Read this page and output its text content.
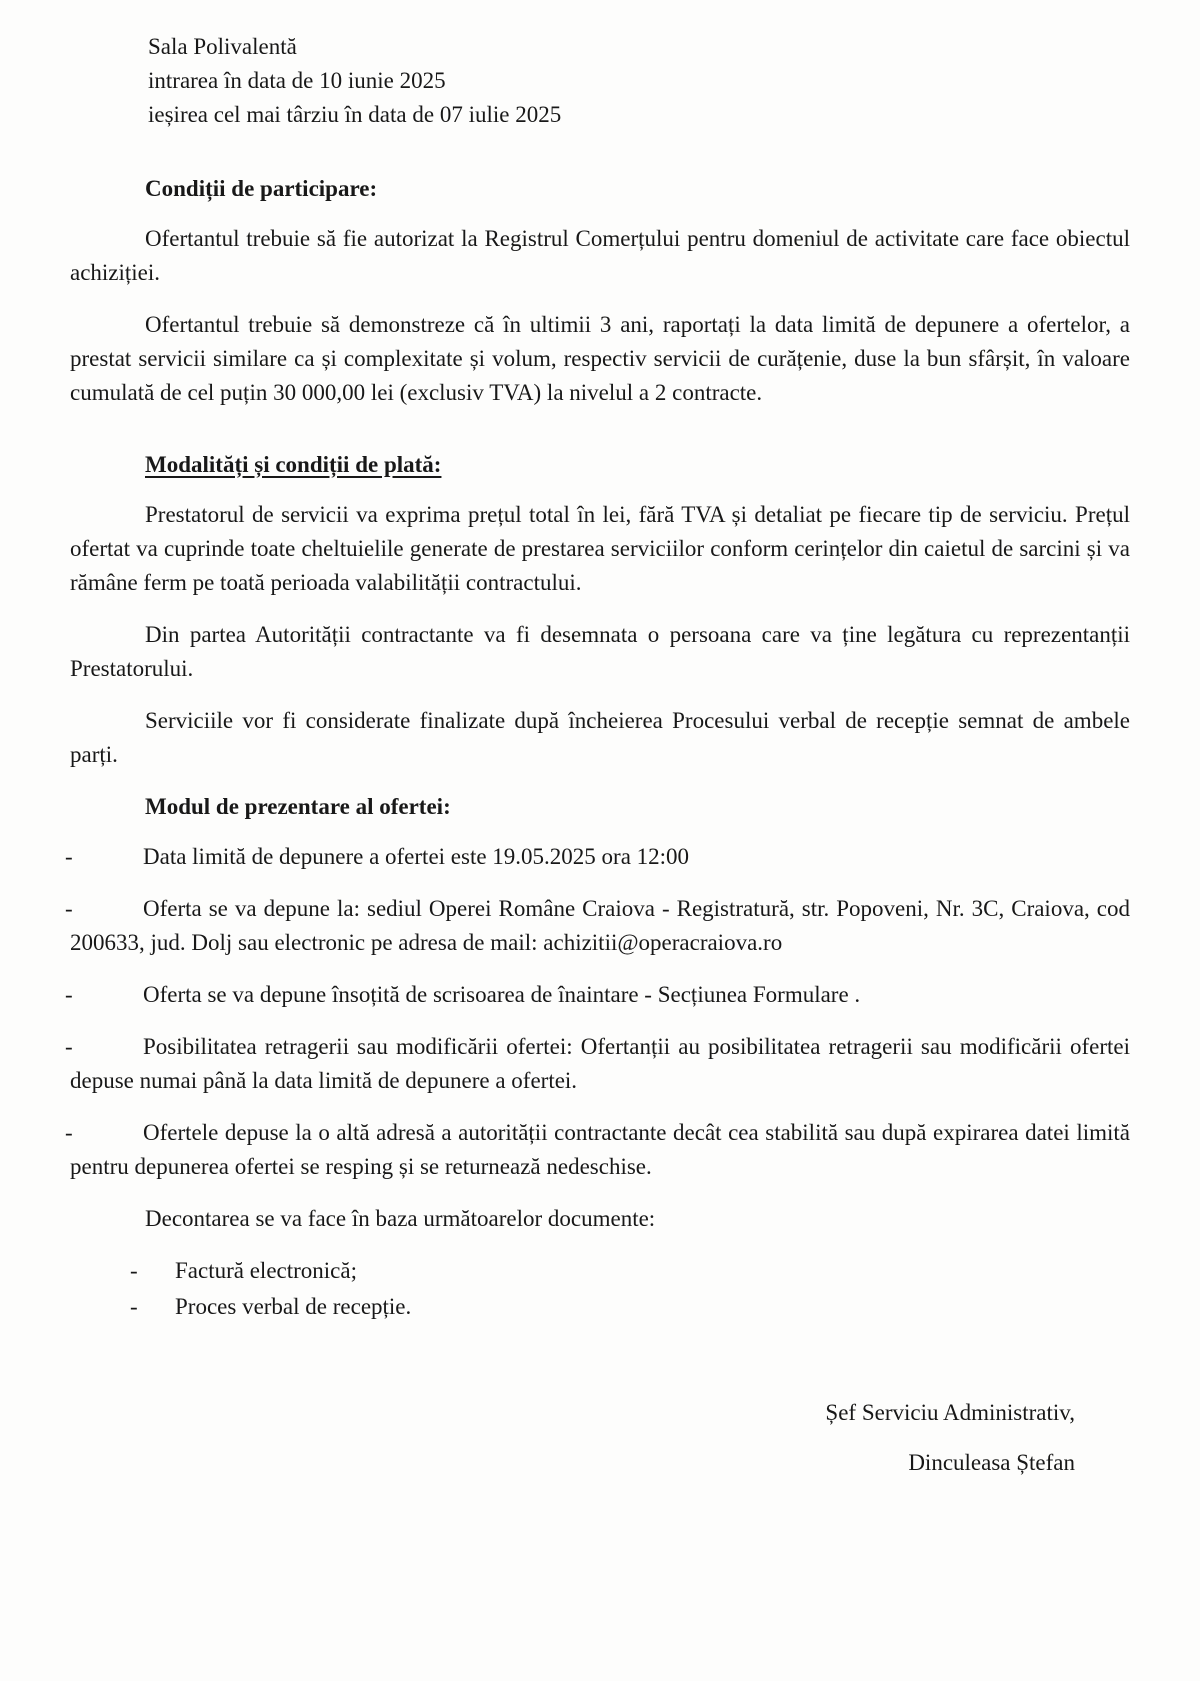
Sala Polivalentă
intrarea în data de 10 iunie 2025
ieșirea cel mai târziu în data de 07 iulie 2025
Condiții de participare:

Ofertantul trebuie să fie autorizat la Registrul Comerțului pentru domeniul de activitate care face obiectul achiziției.

Ofertantul trebuie să demonstreze că în ultimii 3 ani, raportați la data limită de depunere a ofertelor, a prestat servicii similare ca și complexitate și volum, respectiv servicii de curățenie, duse la bun sfârșit, în valoare cumulată de cel puțin 30 000,00 lei (exclusiv TVA) la nivelul a 2 contracte.

Modalități și condiții de plată:

Prestatorul de servicii va exprima prețul total în lei, fără TVA și detaliat pe fiecare tip de serviciu. Prețul ofertat va cuprinde toate cheltuielile generate de prestarea serviciilor conform cerințelor din caietul de sarcini și va rămâne ferm pe toată perioada valabilității contractului.

Din partea Autorității contractante va fi desemnata o persoana care va ține legătura cu reprezentanții Prestatorului.

Serviciile vor fi considerate finalizate după încheierea Procesului verbal de recepție semnat de ambele parți.

Modul de prezentare al ofertei:
-	Data limită de depunere a ofertei este 19.05.2025 ora 12:00
-	Oferta se va depune la: sediul Operei Române Craiova - Registratură, str. Popoveni, Nr. 3C, Craiova, cod 200633, jud. Dolj sau electronic pe adresa de mail: achizitii@operacraiova.ro
-	Oferta se va depune însoțită de scrisoarea de înaintare - Secțiunea Formulare .
-	Posibilitatea retragerii sau modificării ofertei: Ofertanții au posibilitatea retragerii sau modificării ofertei depuse numai până la data limită de depunere a ofertei.
-	Ofertele depuse la o altă adresă a autorității contractante decât cea stabilită sau după expirarea datei limită pentru depunerea ofertei se resping și se returnează nedeschise.

Decontarea se va face în baza următoarelor documente:

- Factură electronică;
- Proces verbal de recepție.
Șef Serviciu Administrativ,
Dinculeasa Ștefan
